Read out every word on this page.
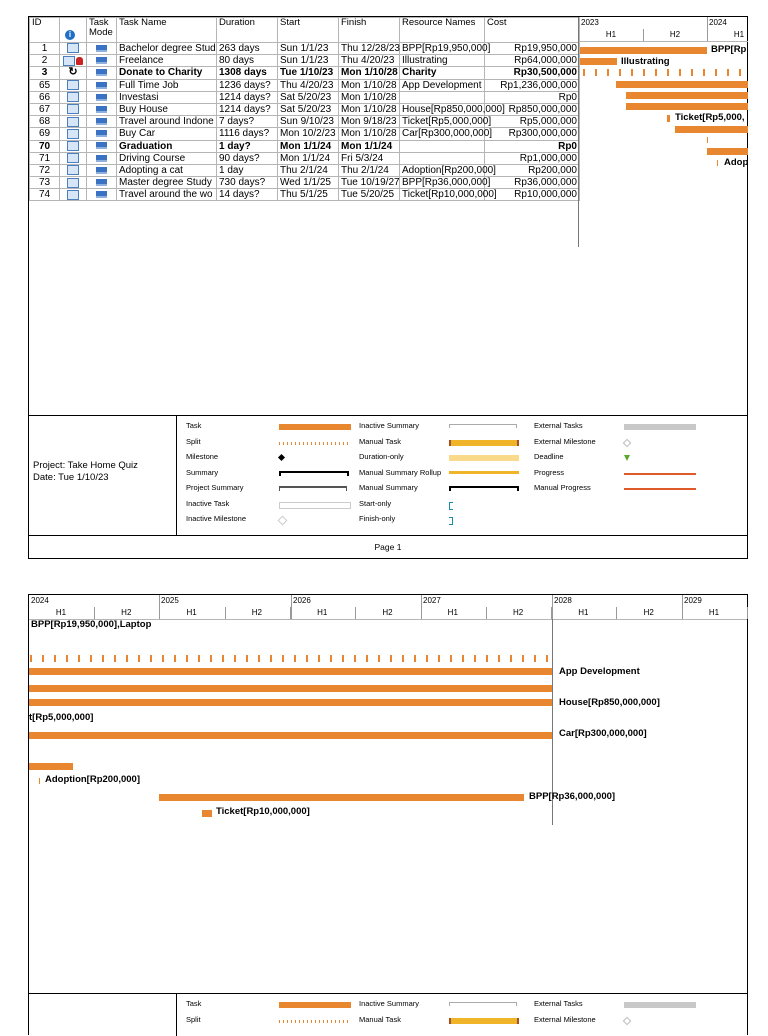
ID	i	Task Mode	Task Name	Duration	Start	Finish	Resource Names	Cost
1			Bachelor degree Stud	263 days	Sun 1/1/23	Thu 12/28/23	BPP[Rp19,950,000]	Rp19,950,000
2			Freelance	80 days	Sun 1/1/23	Thu 4/20/23	Illustrating	Rp64,000,000
3	↻		Donate to Charity	1308 days	Tue 1/10/23	Mon 1/10/28	Charity	Rp30,500,000
65			Full Time Job	1236 days?	Thu 4/20/23	Mon 1/10/28	App Development	Rp1,236,000,000
66			Investasi	1214 days?	Sat 5/20/23	Mon 1/10/28		Rp0
67			Buy House	1214 days?	Sat 5/20/23	Mon 1/10/28	House[Rp850,000,000]	Rp850,000,000
68			Travel around Indone	7 days?	Sun 9/10/23	Mon 9/18/23	Ticket[Rp5,000,000]	Rp5,000,000
69			Buy Car	1116 days?	Mon 10/2/23	Mon 1/10/28	Car[Rp300,000,000]	Rp300,000,000
70			Graduation	1 day?	Mon 1/1/24	Mon 1/1/24		Rp0
71			Driving Course	90 days?	Mon 1/1/24	Fri 5/3/24		Rp1,000,000
72			Adopting a cat	1 day	Thu 2/1/24	Thu 2/1/24	Adoption[Rp200,000]	Rp200,000
73			Master degree Study	730 days?	Wed 1/1/25	Tue 10/19/27	BPP[Rp36,000,000]	Rp36,000,000
74			Travel around the wo	14 days?	Thu 5/1/25	Tue 5/20/25	Ticket[Rp10,000,000]	Rp10,000,000
2023	2024
H1	H2	H1
BPP[Rp
Illustrating
Ticket[Rp5,000,
Adop
Project: Take Home Quiz
Date: Tue 1/10/23
Task
Split
Milestone
Summary
Project Summary
Inactive Task
Inactive Milestone
Inactive Summary
Manual Task
Duration-only
Manual Summary Rollup
Manual Summary
Start-only
Finish-only
External Tasks
External Milestone
Deadline
Progress
Manual Progress
Page 1
2024	2025	2026	2027	2028	2029
H1	H2	H1	H2	H1	H2	H1	H2	H1	H2	H1
BPP[Rp19,950,000],Laptop
App Development
House[Rp850,000,000]
t[Rp5,000,000]
Car[Rp300,000,000]
Adoption[Rp200,000]
BPP[Rp36,000,000]
Ticket[Rp10,000,000]
Task
Split
Inactive Summary
Manual Task
External Tasks
External Milestone
